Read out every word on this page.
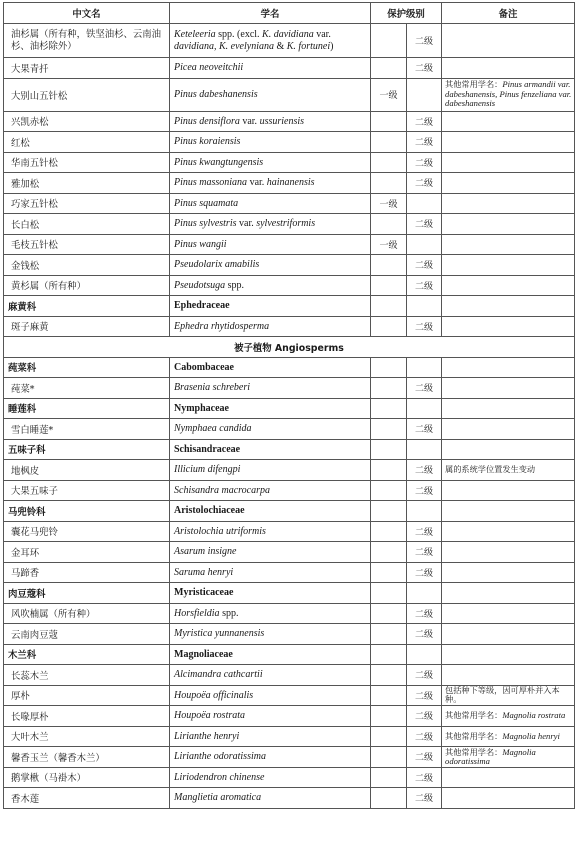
中文名	学名	保护级别		备注
油杉属（所有种，铁坚油杉、云南油杉、油杉除外）	Keteleeria spp. (excl. K. davidiana var. davidiana, K. evelyniana & K. fortunei)		二级	
大果青扦	Picea neoveitchii		二级	
大别山五针松	Pinus dabeshanensis	一级		其他常用学名：Pinus armandii var. dabeshanensis, Pinus fenzeliana var. dabeshanensis
兴凯赤松	Pinus densiflora var. ussuriensis		二级	
红松	Pinus koraiensis		二级	
华南五针松	Pinus kwangtungensis		二级	
雅加松	Pinus massoniana var. hainanensis		二级	
巧家五针松	Pinus squamata	一级		
长白松	Pinus sylvestris var. sylvestriformis		二级	
毛枝五针松	Pinus wangii	一级		
金钱松	Pseudolarix amabilis		二级	
黄杉属（所有种）	Pseudotsuga spp.		二级	
麻黄科	Ephedraceae			
斑子麻黄	Ephedra rhytidosperma		二级	
被子植物 Angiosperms				
莼菜科	Cabombaceae			
莼菜*	Brasenia schreberi		二级	
睡莲科	Nymphaceae			
雪白睡莲*	Nymphaea candida		二级	
五味子科	Schisandraceae			
地枫皮	Illicium difengpi		二级	属的系统学位置发生变动
大果五味子	Schisandra macrocarpa		二级	
马兜铃科	Aristolochiaceae			
囊花马兜铃	Aristolochia utriformis		二级	
金耳环	Asarum insigne		二级	
马蹄香	Saruma henryi		二级	
肉豆蔻科	Myristicaceae			
风吹楠属（所有种）	Horsfieldia spp.		二级	
云南肉豆蔻	Myristica yunnanensis		二级	
木兰科	Magnoliaceae			
长蕊木兰	Alcimandra cathcartii		二级	
厚朴	Houpoëa officinalis		二级	包括种下等级，因可厚朴并入本种。
长喙厚朴	Houpoëa rostrata		二级	其他常用学名：Magnolia rostrata
大叶木兰	Lirianthe henryi		二级	其他常用学名：Magnolia henryi
馨香玉兰（馨香木兰）	Lirianthe odoratissima		二级	其他常用学名：Magnolia odoratissima
鹅掌楸（马褂木）	Liriodendron chinense		二级	
香木莲	Manglietia aromatica		二级	
